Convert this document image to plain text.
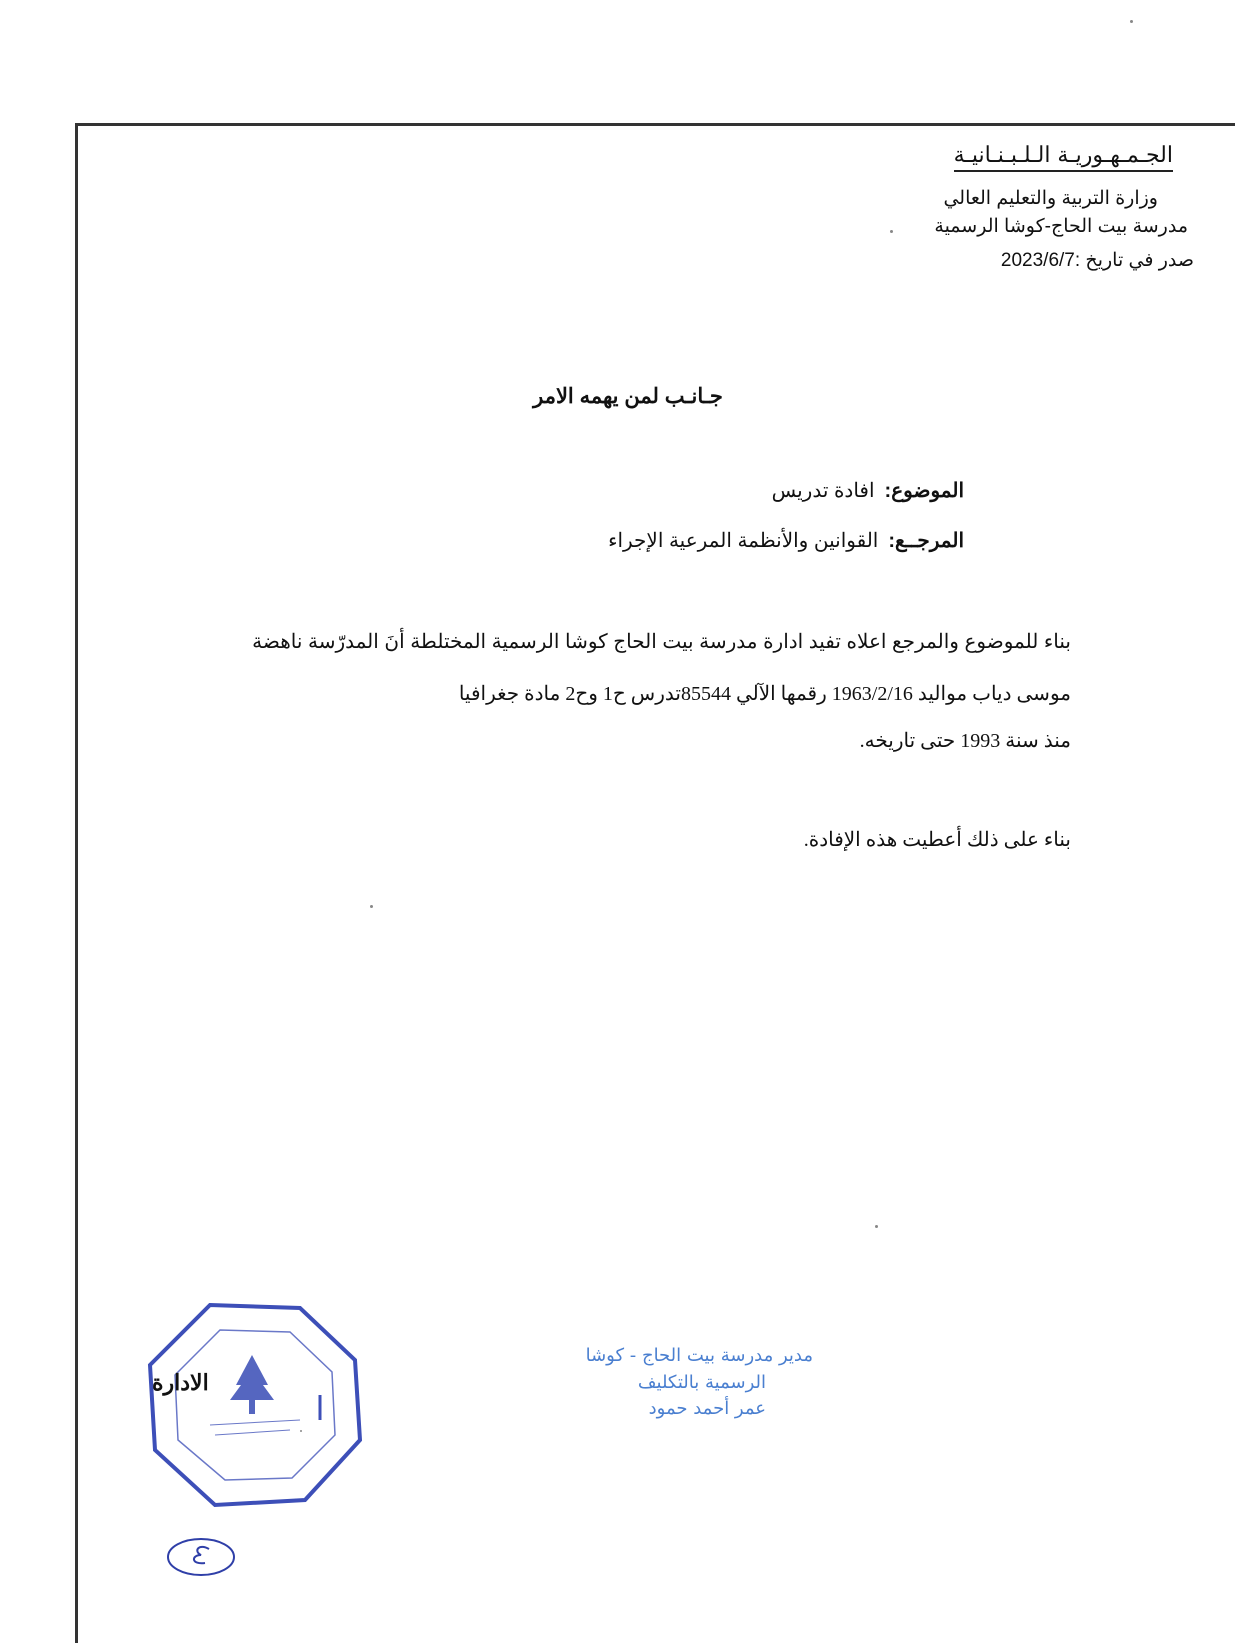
الجـمـهـوريـة الـلـبـنـانيـة
وزارة التربية والتعليم العالي
مدرسة بيت الحاج-كوشا الرسمية
صدر في تاريخ :2023/6/7
جـانـب لمن يهمه الامر
الموضوع:افادة تدريس
المرجــع:القوانين والأنظمة المرعية الإجراء
بناء للموضوع والمرجع اعلاه تفيد ادارة مدرسة بيت الحاج كوشا الرسمية المختلطة أنَ المدرّسة ناهضة
موسى دياب مواليد 1963/2/16 رقمها الآلي 85544تدرس ح1 وح2 مادة جغرافيا
منذ سنة 1993 حتى تاريخه.
بناء على ذلك أعطيت هذه الإفادة.
الادارة
مدير مدرسة بيت الحاج - كوشا
الرسمية بالتكليف
عمر أحمد حمود
